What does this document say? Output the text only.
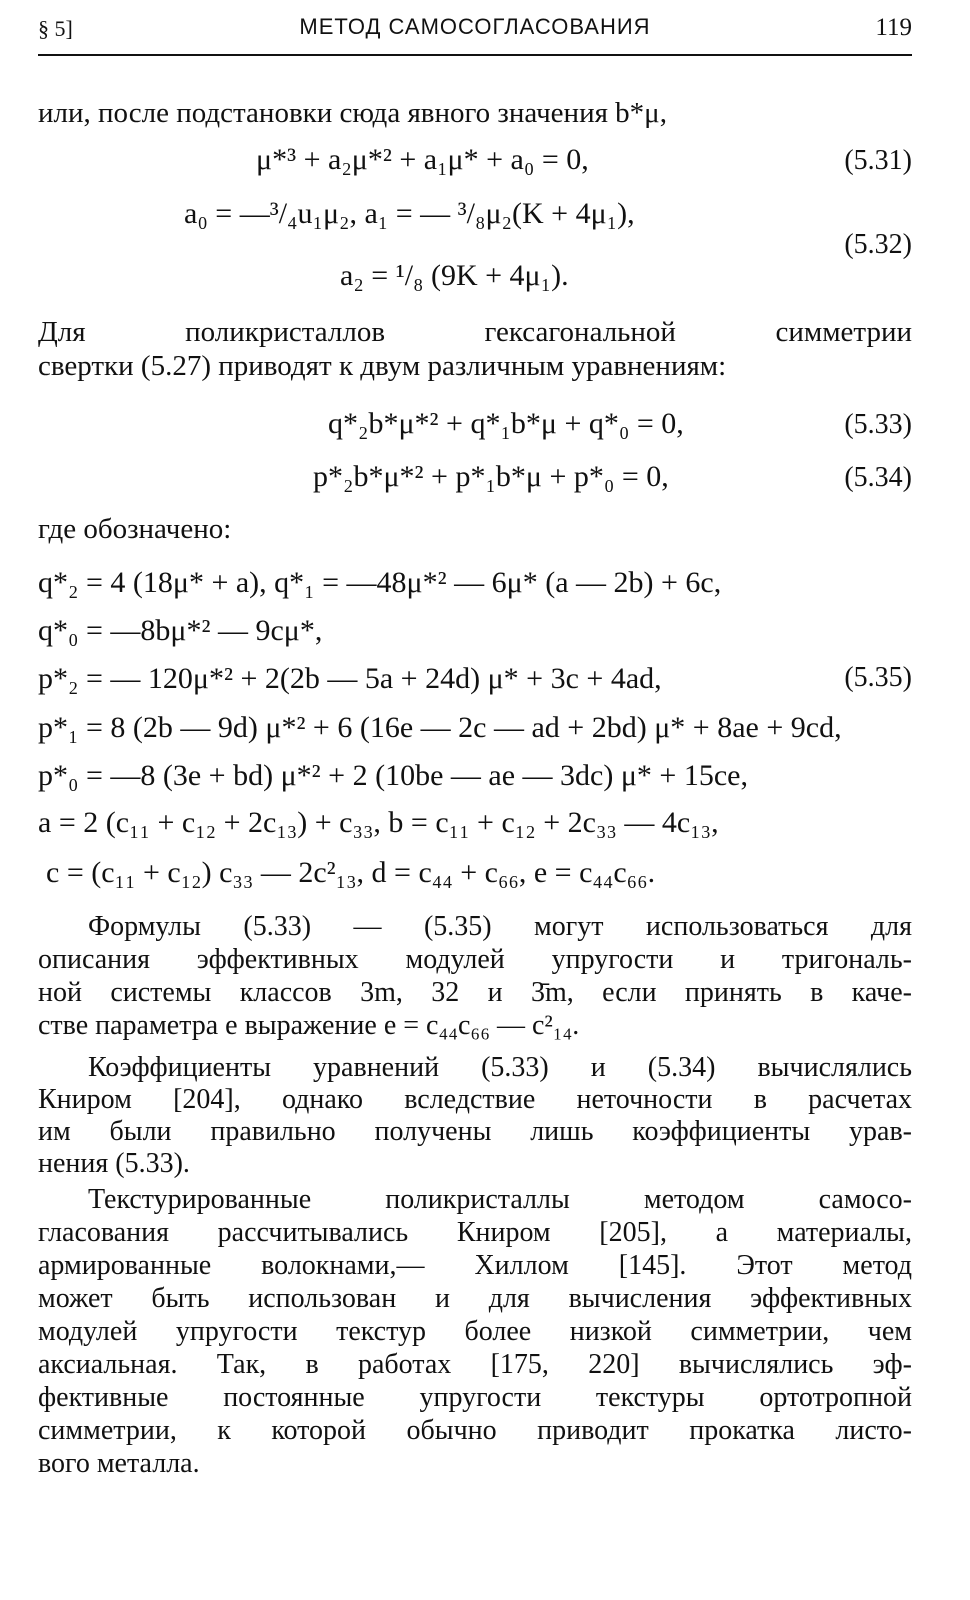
§ 5]	МЕТОД САМОСОГЛАСОВАНИЯ	119
или, после подстановки сюда явного значения b*μ,
μ*³ + a₂μ*² + a₁μ* + a₀ = 0,	(5.31)
a₀ = —³/₄u₁μ₂, a₁ = — ³/₈μ₂(K + 4μ₁),
a₂ = ¹/₈ (9K + 4μ₁).
(5.32)
Для поликристаллов гексагональной симметрии
свертки (5.27) приводят к двум различным уравнениям:
q*₂b*μ*² + q*₁b*μ + q*₀ = 0,	(5.33)
p*₂b*μ*² + p*₁b*μ + p*₀ = 0,	(5.34)
где обозначено:
q*₂ = 4 (18μ* + a), q*₁ = —48μ*² — 6μ* (a — 2b) + 6c,
q*₀ = —8bμ*² — 9cμ*,
p*₂ = — 120μ*² + 2(2b — 5a + 24d) μ* + 3c + 4ad,
p*₁ = 8 (2b — 9d) μ*² + 6 (16e — 2c — ad + 2bd) μ* + 8ae + 9cd,
p*₀ = —8 (3e + bd) μ*² + 2 (10be — ae — 3dc) μ* + 15ce,
a = 2 (c₁₁ + c₁₂ + 2c₁₃) + c₃₃, b = c₁₁ + c₁₂ + 2c₃₃ — 4c₁₃,
c = (c₁₁ + c₁₂) c₃₃ — 2c²₁₃, d = c₄₄ + c₆₆, e = c₄₄c₆₆.
(5.35)
Формулы (5.33) — (5.35) могут использоваться для
описания эффективных модулей упругости и тригональ-
ной системы классов 3m, 32 и 3̄m, если принять в каче-
стве параметра e выражение e = c₄₄c₆₆ — c²₁₄.
Коэффициенты уравнений (5.33) и (5.34) вычислялись
Книром [204], однако вследствие неточности в расчетах
им были правильно получены лишь коэффициенты урав-
нения (5.33).
Текстурированные поликристаллы методом самосо-
гласования рассчитывались Книром [205], а материалы,
армированные волокнами,— Хиллом [145]. Этот метод
может быть использован и для вычисления эффективных
модулей упругости текстур более низкой симметрии, чем
аксиальная. Так, в работах [175, 220] вычислялись эф-
фективные постоянные упругости текстуры ортотропной
симметрии, к которой обычно приводит прокатка листо-
вого металла.
